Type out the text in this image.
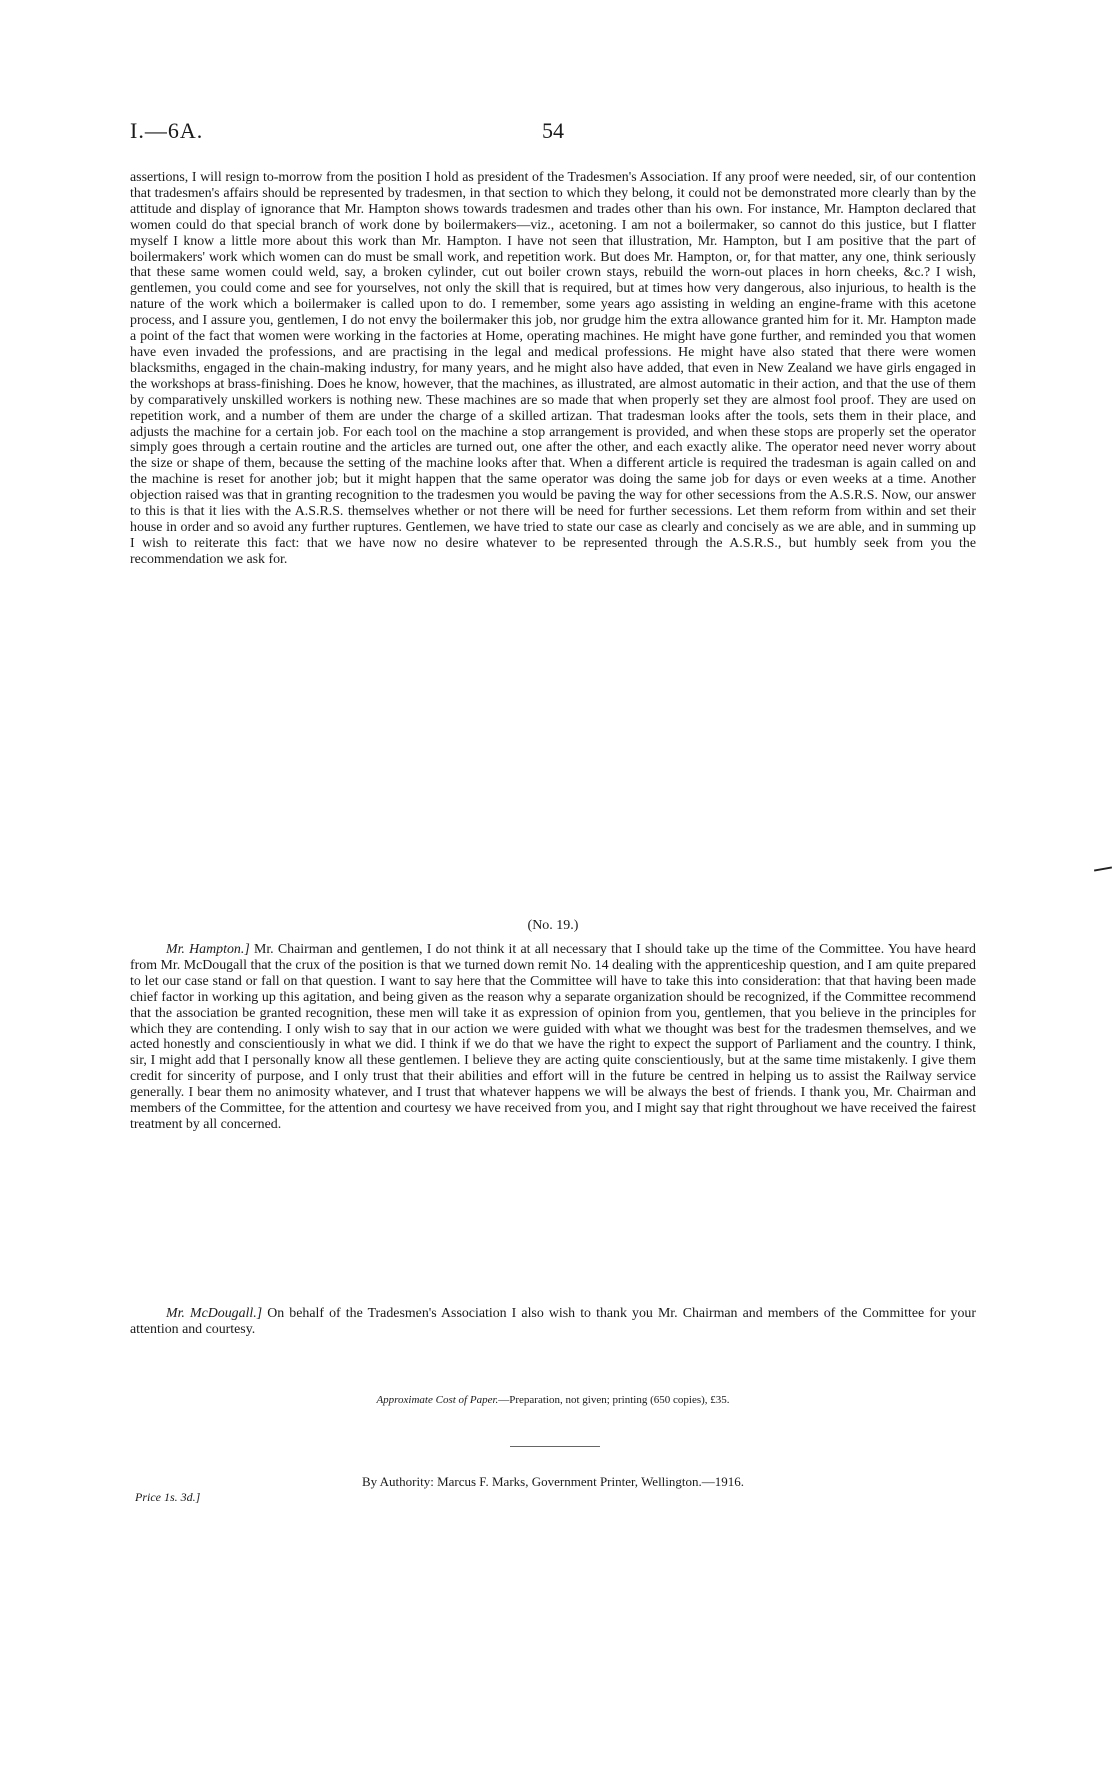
I.—6A.	54

assertions, I will resign to-morrow from the position I hold as president of the Tradesmen's Association. If any proof were needed, sir, of our contention that tradesmen's affairs should be represented by tradesmen, in that section to which they belong, it could not be demonstrated more clearly than by the attitude and display of ignorance that Mr. Hampton shows towards tradesmen and trades other than his own. For instance, Mr. Hampton declared that women could do that special branch of work done by boilermakers—viz., acetoning. I am not a boilermaker, so cannot do this justice, but I flatter myself I know a little more about this work than Mr. Hampton. I have not seen that illustration, Mr. Hampton, but I am positive that the part of boilermakers' work which women can do must be small work, and repetition work. But does Mr. Hampton, or, for that matter, any one, think seriously that these same women could weld, say, a broken cylinder, cut out boiler crown stays, rebuild the worn-out places in horn cheeks, &c.? I wish, gentlemen, you could come and see for yourselves, not only the skill that is required, but at times how very dangerous, also injurious, to health is the nature of the work which a boilermaker is called upon to do. I remember, some years ago assisting in welding an engine-frame with this acetone process, and I assure you, gentlemen, I do not envy the boilermaker this job, nor grudge him the extra allowance granted him for it. Mr. Hampton made a point of the fact that women were working in the factories at Home, operating machines. He might have gone further, and reminded you that women have even invaded the professions, and are practising in the legal and medical professions. He might have also stated that there were women blacksmiths, engaged in the chain-making industry, for many years, and he might also have added, that even in New Zealand we have girls engaged in the workshops at brass-finishing. Does he know, however, that the machines, as illustrated, are almost automatic in their action, and that the use of them by comparatively unskilled workers is nothing new. These machines are so made that when properly set they are almost fool proof. They are used on repetition work, and a number of them are under the charge of a skilled artizan. That tradesman looks after the tools, sets them in their place, and adjusts the machine for a certain job. For each tool on the machine a stop arrangement is provided, and when these stops are properly set the operator simply goes through a certain routine and the articles are turned out, one after the other, and each exactly alike. The operator need never worry about the size or shape of them, because the setting of the machine looks after that. When a different article is required the tradesman is again called on and the machine is reset for another job; but it might happen that the same operator was doing the same job for days or even weeks at a time. Another objection raised was that in granting recognition to the tradesmen you would be paving the way for other secessions from the A.S.R.S. Now, our answer to this is that it lies with the A.S.R.S. themselves whether or not there will be need for further secessions. Let them reform from within and set their house in order and so avoid any further ruptures. Gentlemen, we have tried to state our case as clearly and concisely as we are able, and in summing up I wish to reiterate this fact: that we have now no desire whatever to be represented through the A.S.R.S., but humbly seek from you the recommendation we ask for.

(No. 19.)

Mr. Hampton.] Mr. Chairman and gentlemen, I do not think it at all necessary that I should take up the time of the Committee. You have heard from Mr. McDougall that the crux of the position is that we turned down remit No. 14 dealing with the apprenticeship question, and I am quite prepared to let our case stand or fall on that question. I want to say here that the Committee will have to take this into consideration: that that having been made chief factor in working up this agitation, and being given as the reason why a separate organization should be recognized, if the Committee recommend that the association be granted recognition, these men will take it as expression of opinion from you, gentlemen, that you believe in the principles for which they are contending. I only wish to say that in our action we were guided with what we thought was best for the tradesmen themselves, and we acted honestly and conscientiously in what we did. I think if we do that we have the right to expect the support of Parliament and the country. I think, sir, I might add that I personally know all these gentlemen. I believe they are acting quite conscientiously, but at the same time mistakenly. I give them credit for sincerity of purpose, and I only trust that their abilities and effort will in the future be centred in helping us to assist the Railway service generally. I bear them no animosity whatever, and I trust that whatever happens we will be always the best of friends. I thank you, Mr. Chairman and members of the Committee, for the attention and courtesy we have received from you, and I might say that right throughout we have received the fairest treatment by all concerned.

Mr. McDougall.] On behalf of the Tradesmen's Association I also wish to thank you Mr. Chairman and members of the Committee for your attention and courtesy.

Approximate Cost of Paper.—Preparation, not given; printing (650 copies), £35.
By Authority: Marcus F. Marks, Government Printer, Wellington.—1916.
Price 1s. 3d.]
